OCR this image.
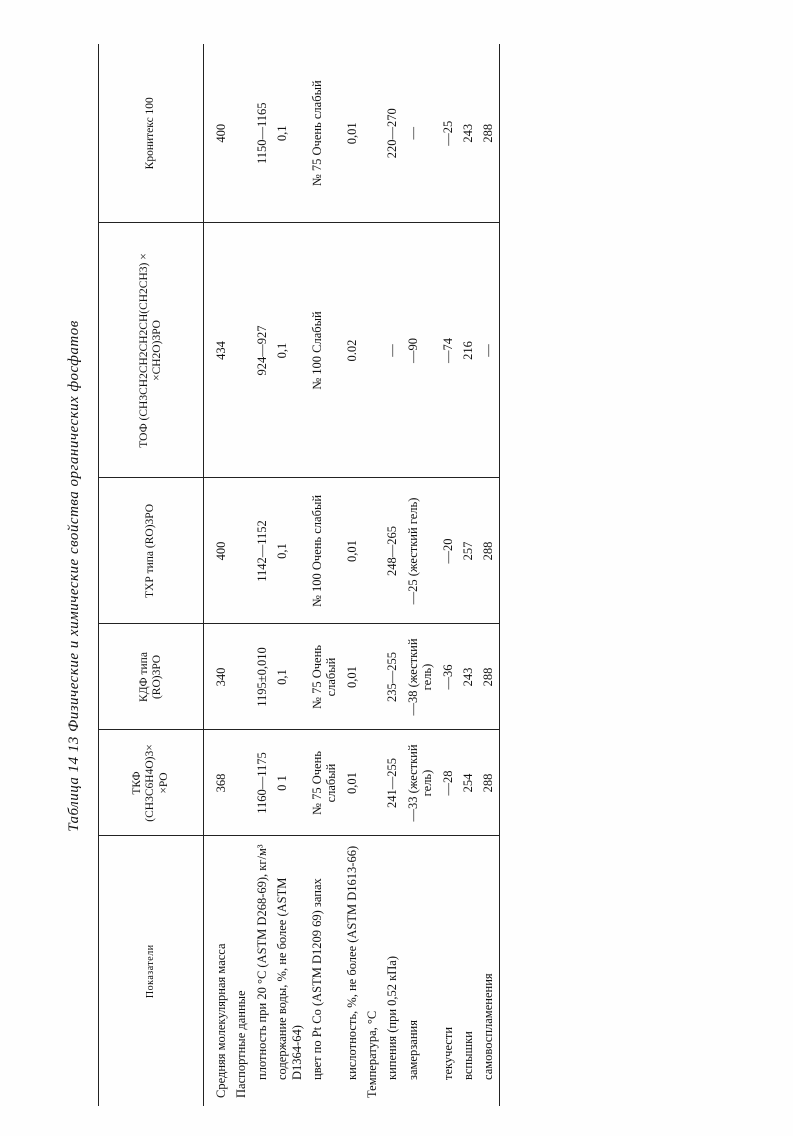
Таблица 14 13 Физические и химические свойства органических фосфатов
Показатели	ТКФ (CH3C6H4O)3× ×PO	КДФ типа (RO)3PO	ТХР типа (RO)3PO	ТОФ (CH3CH2CH2CH2CH(CH2CH3) × ×CH2O)3PO	Кронитекс 100
Средняя молекулярная масса	368	340	400	434	400
Паспортные данные					
плотность при 20 °С (ASTM D268-69), кг/м³	1160—1175	1195±0,010	1142—1152	924—927	1150—1165
содержание воды, %, не более (ASTM D1364-64)	0 1	0,1	0,1	0,1	0,1
цвет по Pt Co (ASTM D1209 69) запах	№ 75 Очень слабый	№ 75 Очень слабый	№ 100 Очень слабый	№ 100 Слабый	№ 75 Очень слабый
кислотность, %, не более (ASTM D1613-66)	0,01	0,01	0,01	0.02	0,01
Температура, °С					
кипения (при 0,52 кПа)	241—255	235—255	248—265	—	220—270
замерзания	—33 (жесткий гель)	—38 (жесткий гель)	—25 (жесткий гель)	—90	—
текучести	—28	—36	—20	—74	—25
вспышки	254	243	257	216	243
самовоспламенения	288	288	288	—	288
